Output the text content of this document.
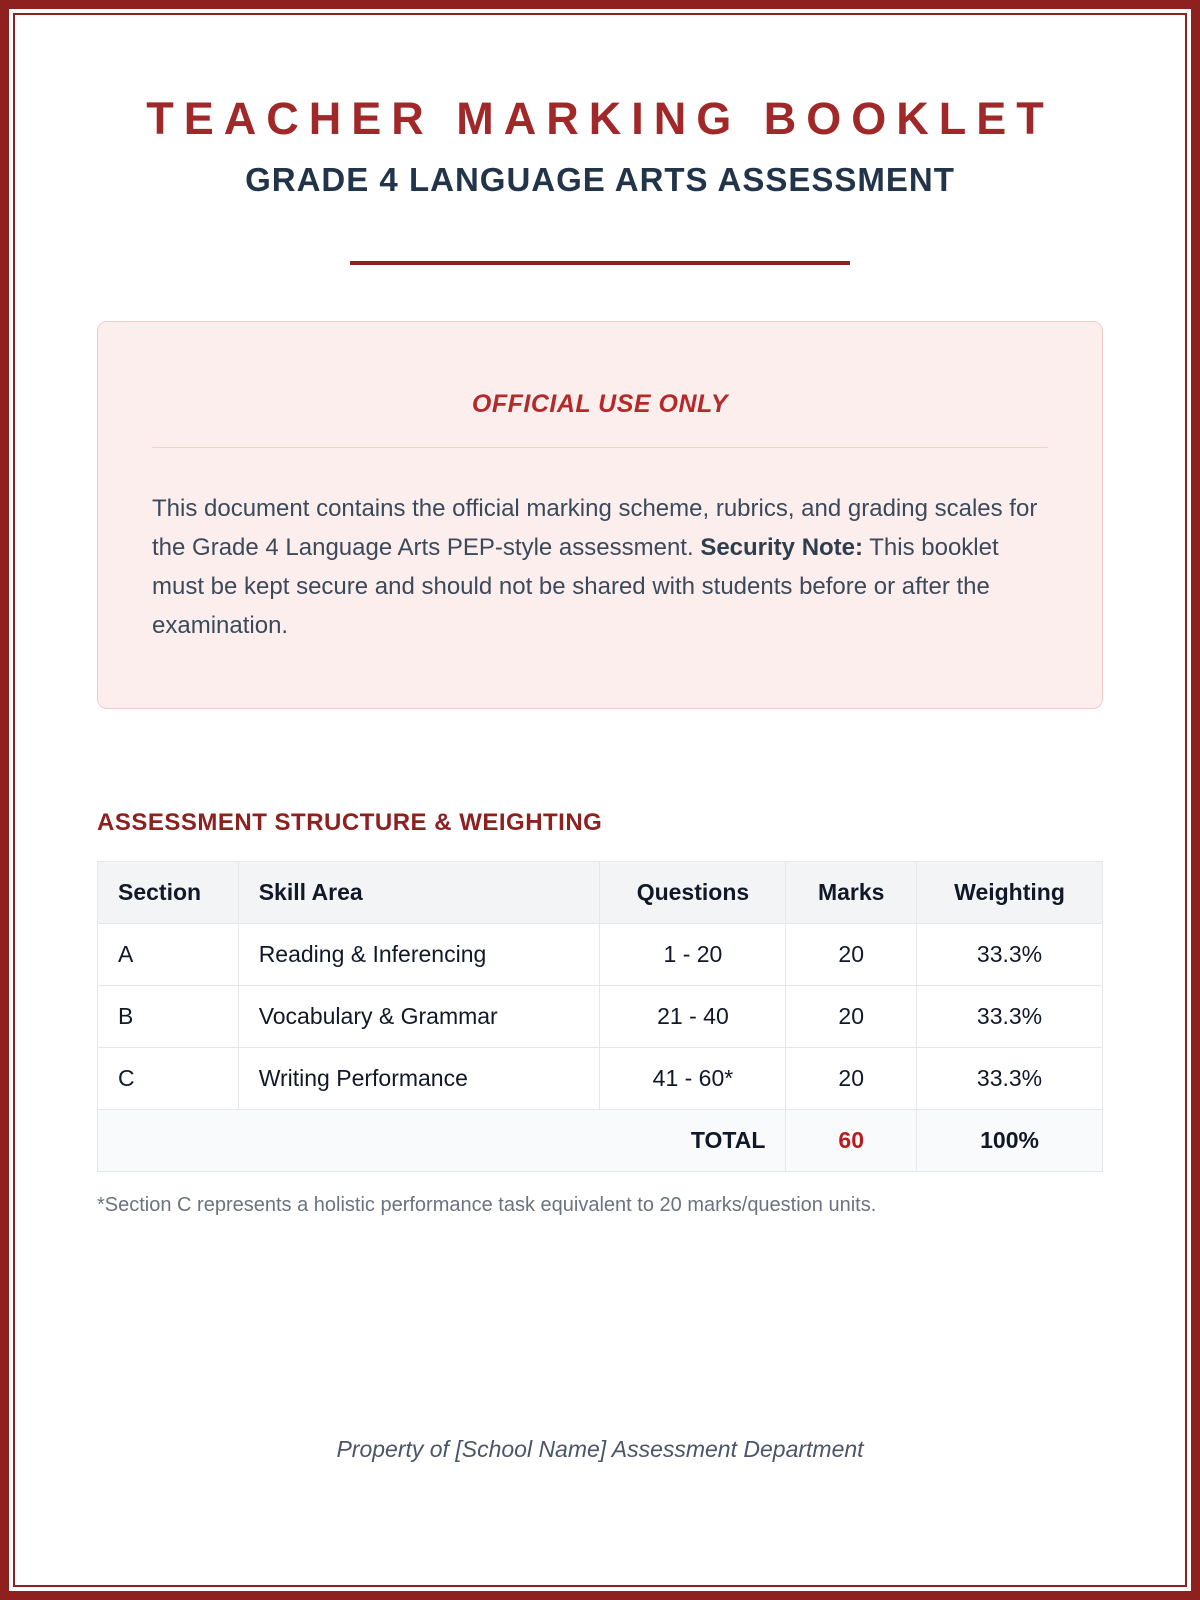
TEACHER MARKING BOOKLET
GRADE 4 LANGUAGE ARTS ASSESSMENT
OFFICIAL USE ONLY

This document contains the official marking scheme, rubrics, and grading scales for the Grade 4 Language Arts PEP-style assessment. Security Note: This booklet must be kept secure and should not be shared with students before or after the examination.

ASSESSMENT STRUCTURE & WEIGHTING
Section	Skill Area	Questions	Marks	Weighting
A	Reading & Inferencing	1 - 20	20	33.3%
B	Vocabulary & Grammar	21 - 40	20	33.3%
C	Writing Performance	41 - 60*	20	33.3%
TOTAL			60	100%

*Section C represents a holistic performance task equivalent to 20 marks/question units.

Property of [School Name] Assessment Department
